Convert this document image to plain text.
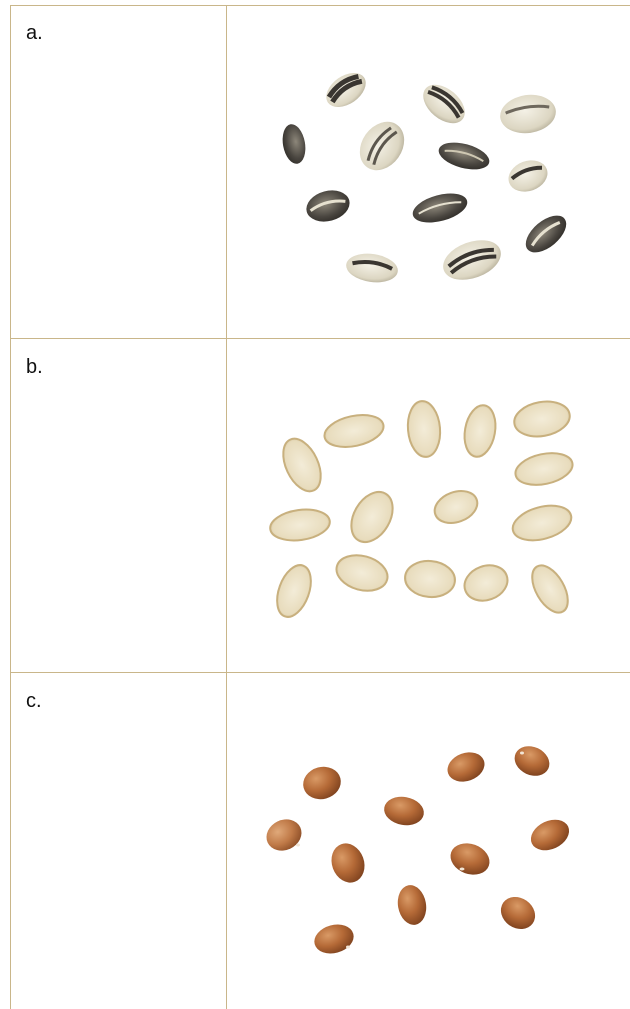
a.
b.
c.
